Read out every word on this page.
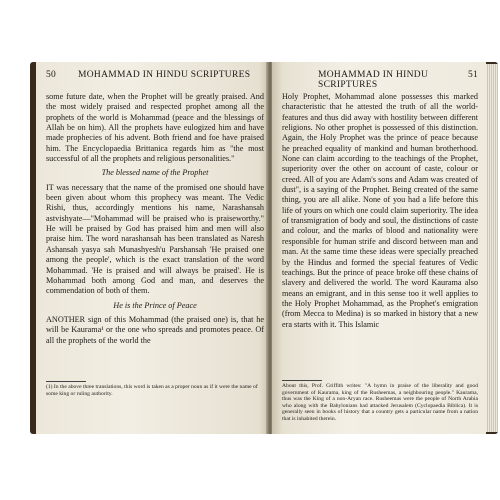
50 MOHAMMAD IN HINDU SCRIPTURES

some future date, when the Prophet will be greatly praised. And the most widely praised and respected prophet among all the prophets of the world is Mohammad (peace and the blessings of Allah be on him). All the prophets have eulogized him and have made prophecies of his advent. Both friend and foe have praised him. The Encyclopaedia Brittanica regards him as "the most successful of all the prophets and religious personalities."

The blessed name of the Prophet

IT was necessary that the name of the promised one should have been given about whom this prophecy was meant. The Vedic Rishi, thus, accordingly mentions his name, Narashansah astvishyate—"Mohammad will be praised who is praiseworthy." He will be praised by God has praised him and men will also praise him. The word narashansah has been translated as Naresh Ashansah yasya sah Munashyesh'u Parshansah 'He praised one among the people', which is the exact translation of the word Mohammad. 'He is praised and will always be praised'. He is Mohammad both among God and man, and deserves the commendation of both of them.

He is the Prince of Peace

ANOTHER sign of this Mohammad (the praised one) is, that he will be Kaurama¹ or the one who spreads and promotes peace. Of all the prophets of the world the

(1) In the above three translations, this word is taken as a proper noun as if it were the name of some king or ruling authority.
MOHAMMAD IN HINDU SCRIPTURES
51

Holy Prophet, Mohammad alone possesses this marked characteristic that he attested the truth of all the world-features and thus did away with hostility between different religions. No other prophet is possessed of this distinction. Again, the Holy Prophet was the prince of peace because he preached equality of mankind and human brotherhood. None can claim according to the teachings of the Prophet, superiority over the other on account of caste, colour or creed. All of you are Adam's sons and Adam was created of dust", is a saying of the Prophet. Being created of the same thing, you are all alike. None of you had a life before this life of yours on which one could claim superiority. The idea of transmigration of body and soul, the distinctions of caste and colour, and the marks of blood and nationality were responsible for human strife and discord between man and man. At the same time these ideas were specially preached by the Hindus and formed the special features of Vedic teachings. But the prince of peace broke off these chains of slavery and delivered the world. The word Kaurama also means an emigrant, and in this sense too it well applies to the Holy Prophet Mohammad, as the Prophet's emigration (from Mecca to Medina) is so marked in history that a new era starts with it. This Islamic

About this, Prof. Griffith writes: "A hymn in praise of the liberality and good government of Kaurama, king of the Rusheemas, a neighbouring people." Kaurama, thus was the King of a non-Aryan race. Rusheemas were the people of North Arabia who along with the Babylonians had attacked Jerusalem (Cyclopaedia Biblica). It is generally seen in books of history that a country gets a particular name from a nation that is inhabited therein.
